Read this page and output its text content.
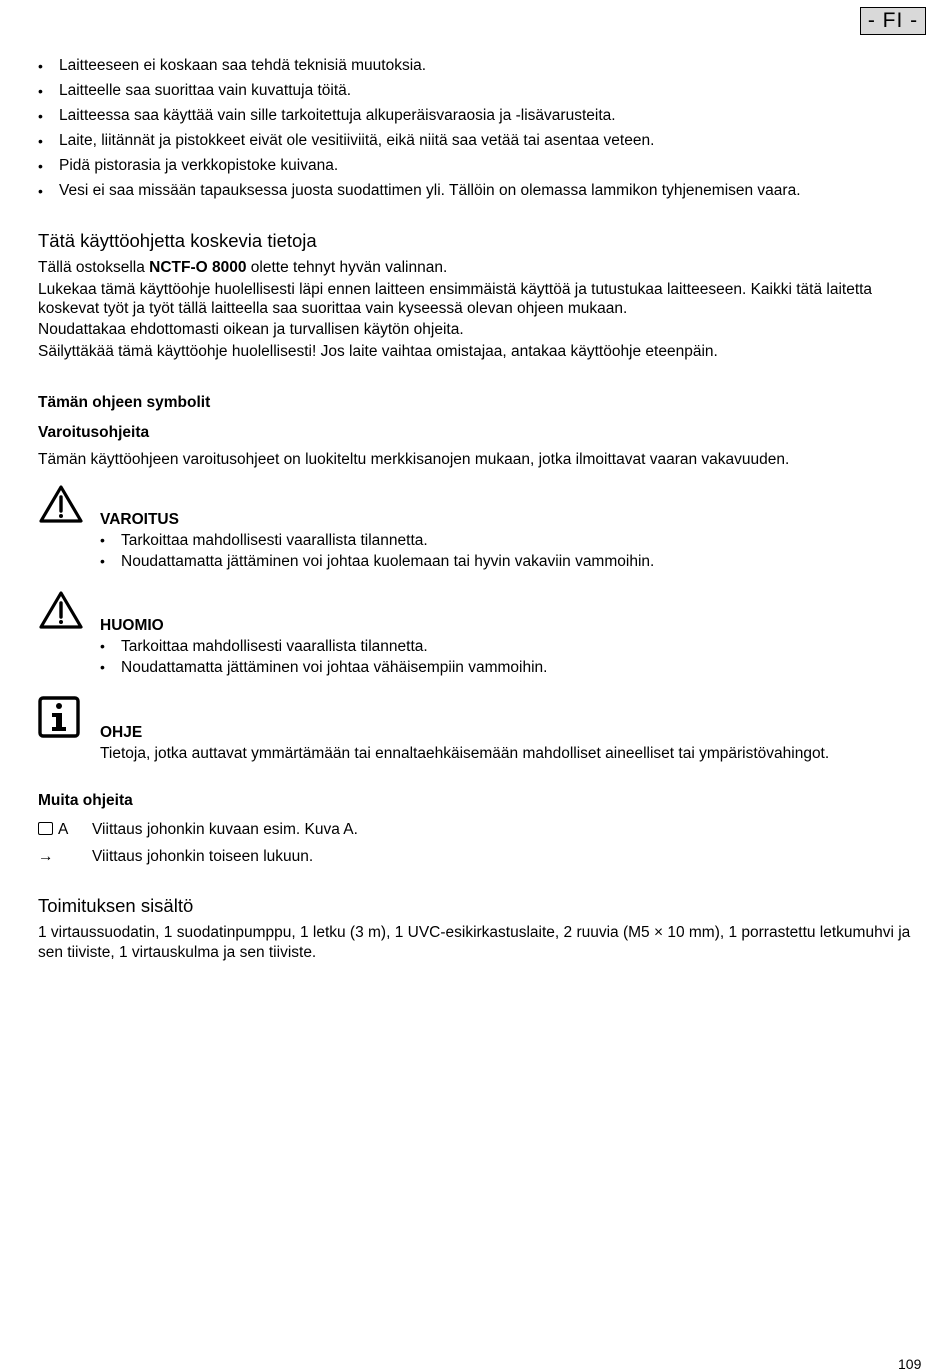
- FI -
• Laitteeseen ei koskaan saa tehdä teknisiä muutoksia.
• Laitteelle saa suorittaa vain kuvattuja töitä.
• Laitteessa saa käyttää vain sille tarkoitettuja alkuperäisvaraosia ja -lisävarusteita.
• Laite, liitännät ja pistokkeet eivät ole vesitiiviitä, eikä niitä saa vetää tai asentaa veteen.
• Pidä pistorasia ja verkkopistoke kuivana.
• Vesi ei saa missään tapauksessa juosta suodattimen yli. Tällöin on olemassa lammikon tyhjenemisen vaara.
Tätä käyttöohjetta koskevia tietoja

Tällä ostoksella NCTF-O 8000 olette tehnyt hyvän valinnan.

Lukekaa tämä käyttöohje huolellisesti läpi ennen laitteen ensimmäistä käyttöä ja tutustukaa laitteeseen. Kaikki tätä laitetta koskevat työt ja työt tällä laitteella saa suorittaa vain kyseessä olevan ohjeen mukaan.

Noudattakaa ehdottomasti oikean ja turvallisen käytön ohjeita.

Säilyttäkää tämä käyttöohje huolellisesti! Jos laite vaihtaa omistajaa, antakaa käyttöohje eteenpäin.

Tämän ohjeen symbolit
Varoitusohjeita
Tämän käyttöohjeen varoitusohjeet on luokiteltu merkkisanojen mukaan, jotka ilmoittavat vaaran vakavuuden.
VAROITUS
• Tarkoittaa mahdollisesti vaarallista tilannetta.
• Noudattamatta jättäminen voi johtaa kuolemaan tai hyvin vakaviin vammoihin.
HUOMIO
• Tarkoittaa mahdollisesti vaarallista tilannetta.
• Noudattamatta jättäminen voi johtaa vähäisempiin vammoihin.
OHJE
Tietoja, jotka auttavat ymmärtämään tai ennaltaehkäisemään mahdolliset aineelliset tai ympäristövahingot.
Muita ohjeita
A Viittaus johonkin kuvaan esim. Kuva A.
→ Viittaus johonkin toiseen lukuun.
Toimituksen sisältö
1 virtaussuodatin, 1 suodatinpumppu, 1 letku (3 m), 1 UVC-esikirkastuslaite, 2 ruuvia (M5 × 10 mm), 1 porrastettu letkumuhvi ja sen tiiviste, 1 virtauskulma ja sen tiiviste.
109
